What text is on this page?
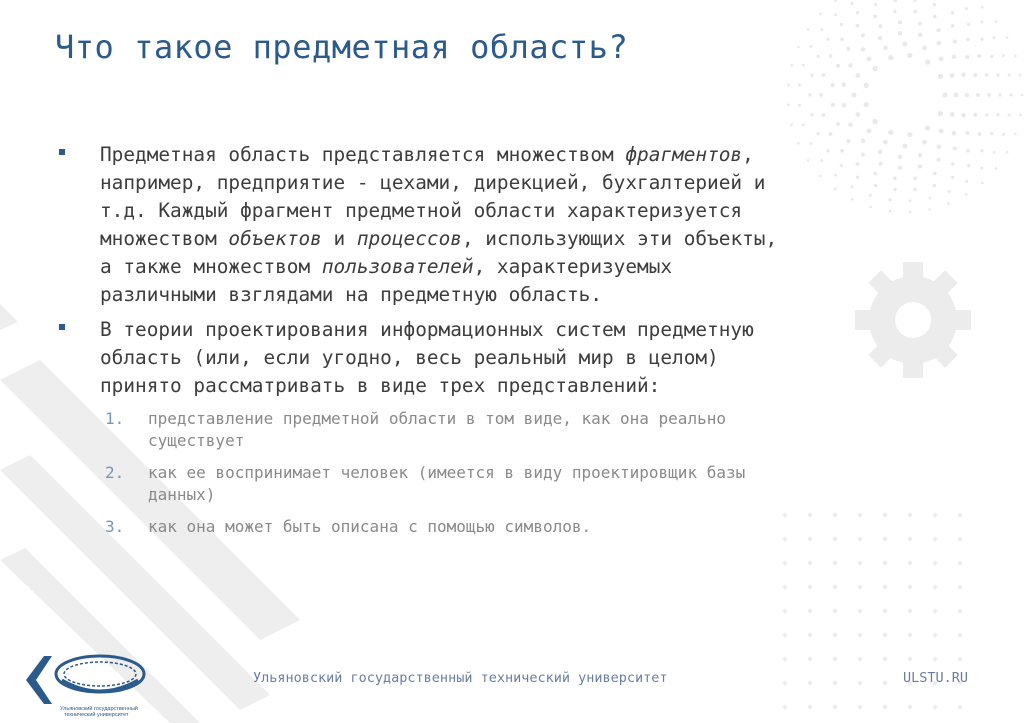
Что такое предметная область?

Предметная область представляется множеством фрагментов,

например, предприятие - цехами, дирекцией, бухгалтерией и

т.д. Каждый фрагмент предметной области характеризуется

множеством объектов и процессов, использующих эти объекты,

а также множеством пользователей, характеризуемых

различными взглядами на предметную область.

В теории проектирования информационных систем предметную

область (или, если угодно, весь реальный мир в целом)

принято рассматривать в виде трех представлений:

1. представление предметной области в том виде, как она реально
существует
2. как ее воспринимает человек (имеется в виду проектировщик базы
данных)
3. как она может быть описана с помощью символов.
Ульяновский государственный
технический университет
Ульяновский государственный технический университет	ULSTU.RU
